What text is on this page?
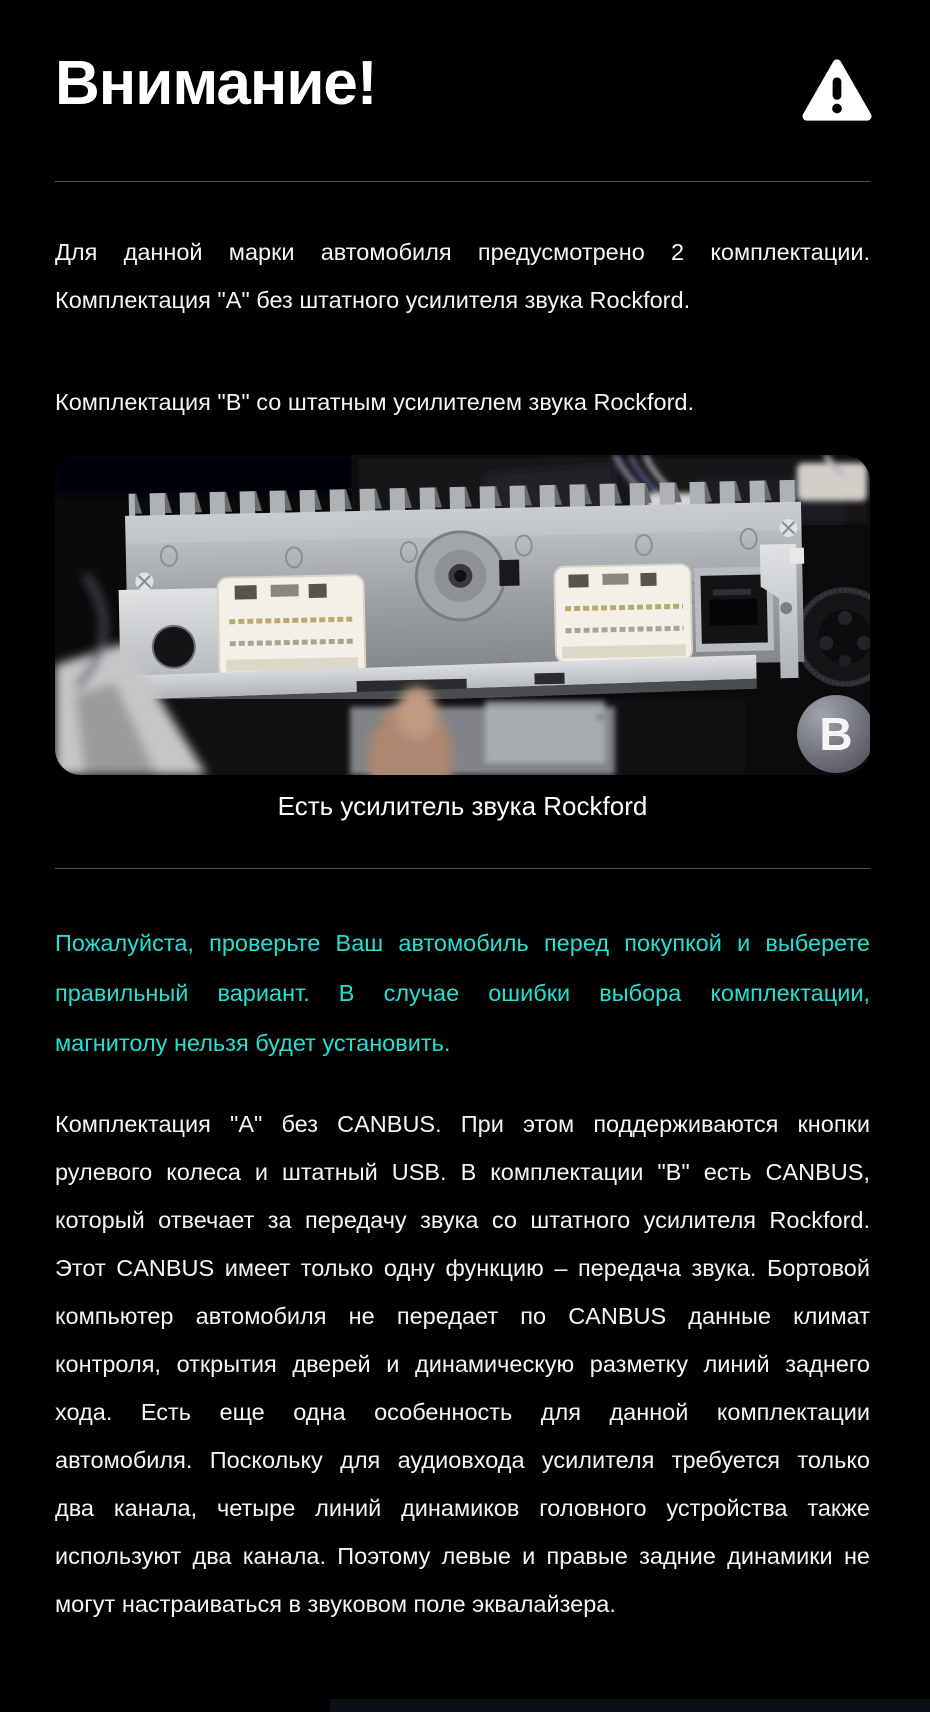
Внимание!
Для данной марки автомобиля предусмотрено 2 комплектации.
Комплектация "А" без штатного усилителя звука Rockford.
Комплектация "В" со штатным усилителем звука Rockford.
B
Есть усилитель звука Rockford
Пожалуйста, проверьте Ваш автомобиль перед покупкой и выберете
правильный вариант. В случае ошибки выбора комплектации,
магнитолу нельзя будет установить.
Комплектация "А" без CANBUS. При этом поддерживаются кнопки
рулевого колеса и штатный USB. В комплектации "В" есть CANBUS,
который отвечает за передачу звука со штатного усилителя Rockford.
Этот CANBUS имеет только одну функцию – передача звука. Бортовой
компьютер автомобиля не передает по CANBUS данные климат
контроля, открытия дверей и динамическую разметку линий заднего
хода. Есть еще одна особенность для данной комплектации
автомобиля. Поскольку для аудиовхода усилителя требуется только
два канала, четыре линий динамиков головного устройства также
используют два канала. Поэтому левые и правые задние динамики не
могут настраиваться в звуковом поле эквалайзера.
